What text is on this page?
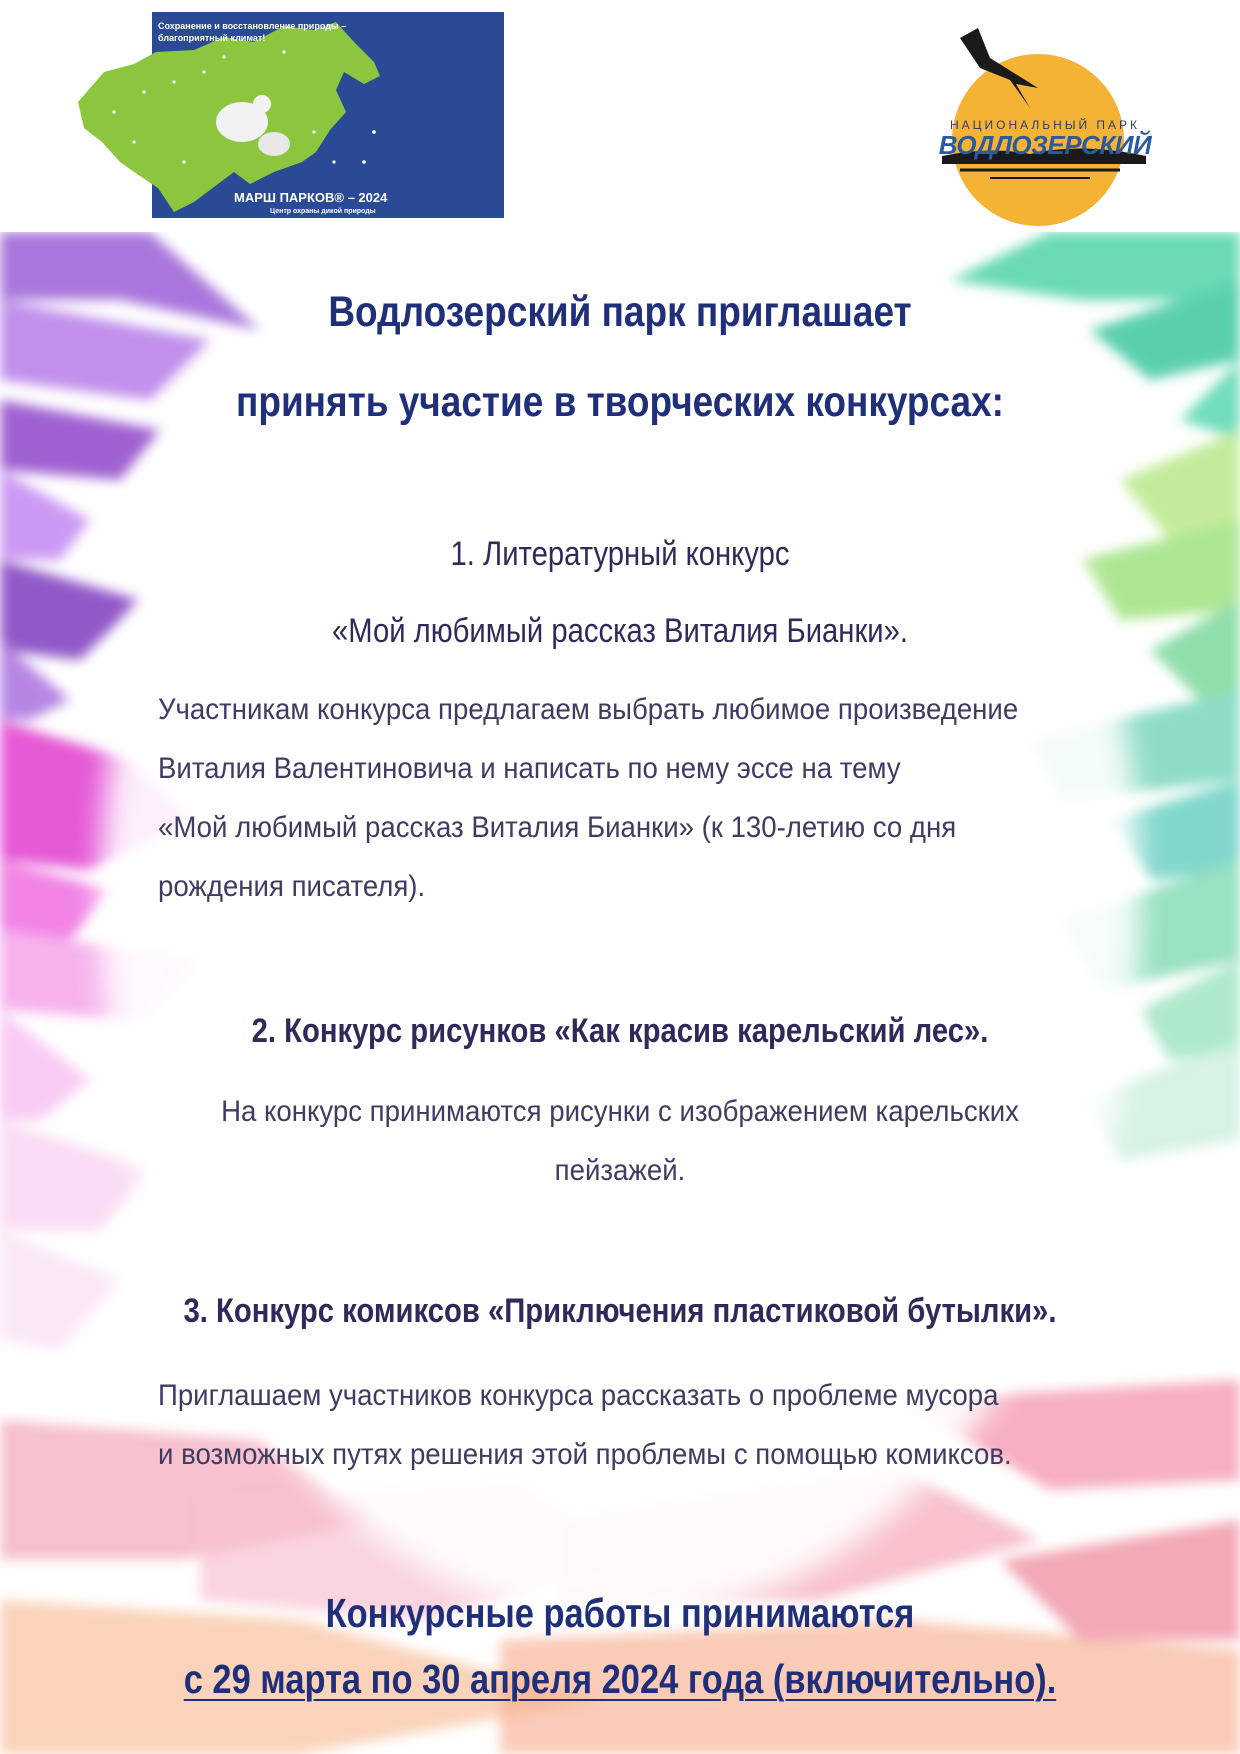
Сохранение и восстановление природы – благоприятный климат!
МАРШ ПАРКОВ® – 2024
Центр охраны дикой природы
НАЦИОНАЛЬНЫЙ ПАРК
ВОДЛОЗЕРСКИЙ
Водлозерский парк приглашает
принять участие в творческих конкурсах:
1. Литературный конкурс
«Мой любимый рассказ Виталия Бианки».
Участникам конкурса предлагаем выбрать любимое произведение
Виталия Валентиновича и написать по нему эссе на тему
«Мой любимый рассказ Виталия Бианки» (к 130-летию со дня
рождения писателя).
2. Конкурс рисунков «Как красив карельский лес».
На конкурс принимаются рисунки с изображением карельских
пейзажей.
3. Конкурс комиксов «Приключения пластиковой бутылки».
Приглашаем участников конкурса рассказать о проблеме мусора
и возможных путях решения этой проблемы с помощью комиксов.
Конкурсные работы принимаются
с 29 марта по 30 апреля 2024 года (включительно).
